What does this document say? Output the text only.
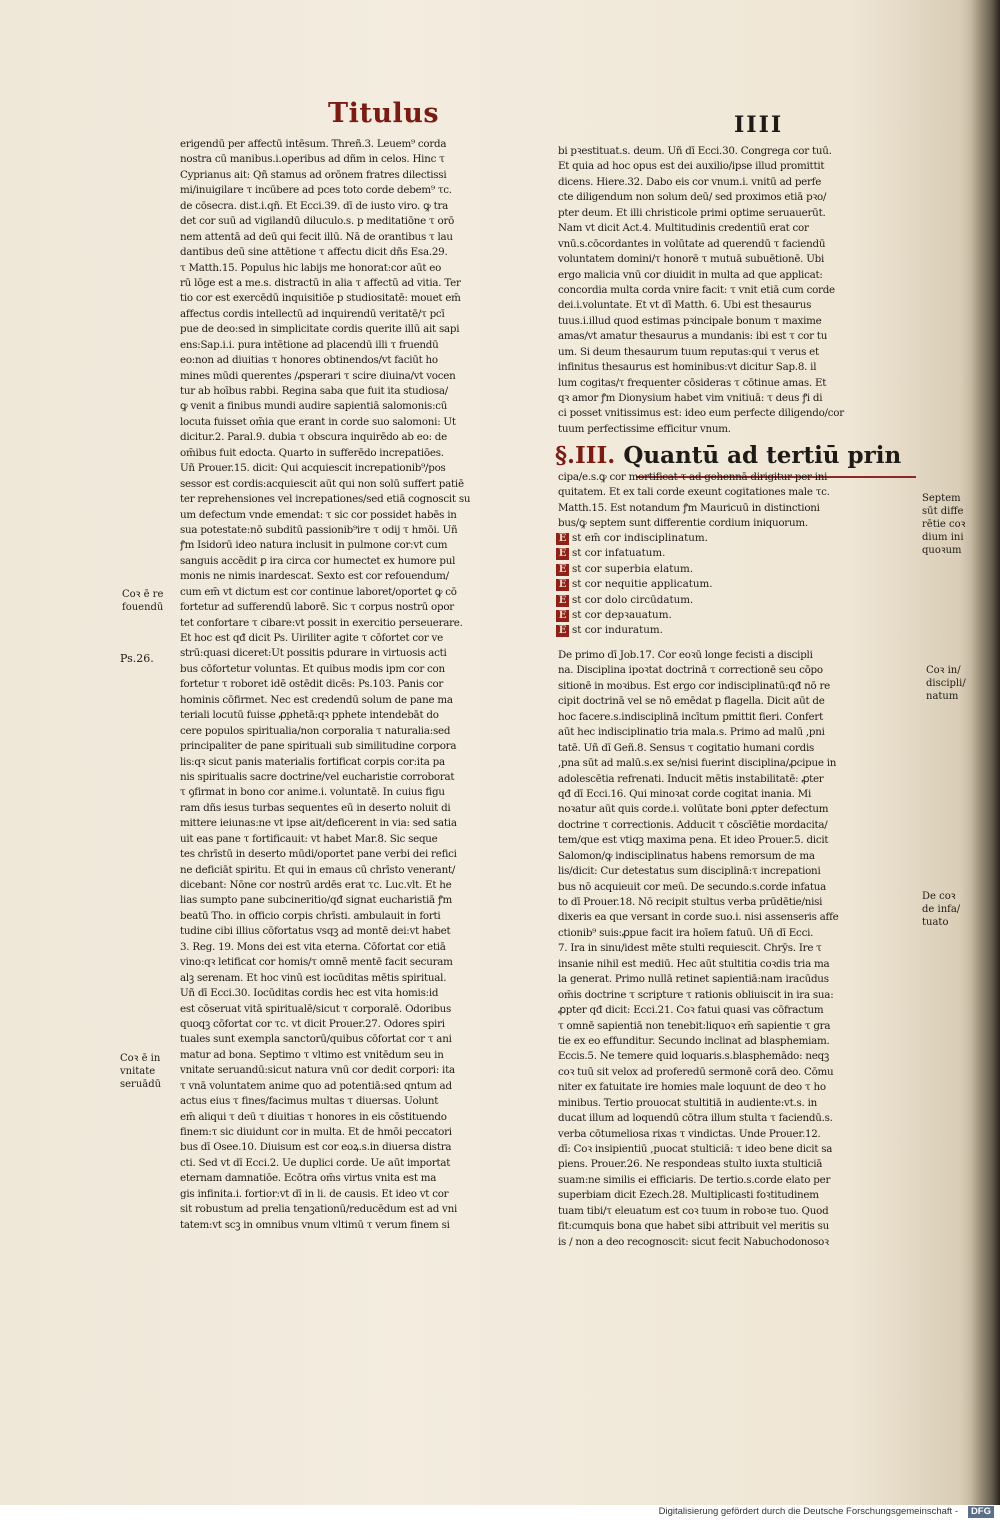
Titulus	IIII
erigendū per affectū intēsum. Threñ.3. Leuem⁹ corda
nostra cū manibus.i.operibus ad dñm in celos. Hinc τ
Cyprianus ait: Qñ stamus ad orōnem fratres dilectissi
mi/inuigilare τ incūbere ad pces toto corde debem⁹ τc.
de cōsecra. dist.i.qñ. Et Ecci.39. dī de iusto viro. ꝙ tra
det cor suū ad vigilandū diluculo.s. p meditatiōne τ orō
nem attentā ad deū qui fecit illū. Nā de orantibus τ lau
dantibus deū sine attētione τ affectu dicit dñs Esa.29.
τ Matth.15. Populus hic labijs me honorat:cor aūt eo
rū lōge est a me.s. distractū in alia τ affectū ad vitia. Ter
tio cor est exercēdū inquisitiōe p studiositatē: mouet em̄
affectus cordis intellectū ad inquirendū veritatē/τ pcī
pue de deo:sed in simplicitate cordis querite illū ait sapi
ens:Sap.i.i. pura intētione ad placendū illi τ fruendū
eo:non ad diuitias τ honores obtinendos/vt faciūt ho
mines mūdi querentes /ꝓsperari τ scire diuina/vt vocen
tur ab hoībus rabbi. Regina saba que fuit ita studiosa/
ꝙ venit a finibus mundi audire sapientiā salomonis:cū
locuta fuisset om̄ia que erant in corde suo salomoni: Ut
dicitur.2. Paral.9. dubia τ obscura inquirēdo ab eo: de
om̄ibus fuit edocta. Quarto in sufferēdo increpatiōes.
Uñ Prouer.15. dicit: Qui acquiescit increpationib⁹/pos
sessor est cordis:acquiescit aūt qui non solū suffert patiē
ter reprehensiones vel increpationes/sed etiā cognoscit su
um defectum vnde emendat: τ sic cor possidet habēs in
sua potestate:nō subditū passionib⁹ire τ odij τ hmōi. Uñ
ꝭm Isidorū ideo natura inclusit in pulmone cor:vt cum
sanguis accēdit ꝑ ira circa cor humectet ex humore pul
monis ne nimis inardescat. Sexto est cor refouendum/
cum em̄ vt dictum est cor continue laboret/oportet ꝙ cō
fortetur ad sufferendū laborē. Sic τ corpus nostrū opor
tet confortare τ cibare:vt possit in exercitio perseuerare.
Et hoc est qđ dicit Ps. Uiriliter agite τ cōfortet cor ve
strū:quasi diceret:Ut possitis pdurare in virtuosis acti
bus cōfortetur voluntas. Et quibus modis ipm cor con
fortetur τ roboret idē ostēdit dicēs: Ps.103. Panis cor
hominis cōfirmet. Nec est credendū solum de pane ma
teriali locutū fuisse ꝓphetā:qꝛ pphete intendebāt do
cere populos spiritualia/non corporalia τ naturalia:sed
principaliter de pane spirituali sub similitudine corpora
lis:qꝛ sicut panis materialis fortificat corpis cor:ita pa
nis spiritualis sacre doctrine/vel eucharistie corroborat
τ ꝯfirmat in bono cor anime.i. voluntatē. In cuius figu
ram dñs iesus turbas sequentes eū in deserto noluit di
mittere ieiunas:ne vt ipse ait/deficerent in via: sed satia
uit eas pane τ fortificauit: vt habet Mar.8. Sic seque
tes chrīstū in deserto mūdi/oportet pane verbi dei refici
ne deficiāt spiritu. Et qui in emaus cū chrīsto venerant/
dicebant: Nōne cor nostrū ardēs erat τc. Luc.vlt. Et he
lias sumpto pane subcineritio/qđ signat eucharistiā ꝭm
beatū Tho. in officio corpis chrīsti. ambulauit in forti
tudine cibi illius cōfortatus vsqꝫ ad montē dei:vt habet
3. Reg. 19. Mons dei est vita eterna. Cōfortat cor etiā
vino:qꝛ letificat cor homis/τ omnē mentē facit securam
alꝫ serenam. Et hoc vinū est iocūditas mētis spiritual.
Uñ dī Ecci.30. Iocūditas cordis hec est vita homis:id
est cōseruat vitā spiritualē/sicut τ corporalē. Odoribus
quoqꝫ cōfortat cor τc. vt dicit Prouer.27. Odores spiri
tuales sunt exempla sanctorū/quibus cōfortat cor τ ani
matur ad bona. Septimo τ vltimo est vnitēdum seu in
vnitate seruandū:sicut natura vnū cor dedit corpori: ita
τ vnā voluntatem anime quo ad potentiā:sed qntum ad
actus eius τ fines/facimus multas τ diuersas. Uolunt
em̄ aliqui τ deū τ diuitias τ honores in eis cōstituendo
finem:τ sic diuidunt cor in multa. Et de hmōi peccatori
bus dī Osee.10. Diuisum est cor eoꝝ.s.in diuersa distra
cti. Sed vt dī Ecci.2. Ue duplici corde. Ue aūt importat
eternam damnatiōe. Ecōtra om̄s virtus vnita est ma
gis infinita.i. fortior:vt dī in li. de causis. Et ideo vt cor
sit robustum ad prelia tenꝫationū/reducēdum est ad vni
tatem:vt scꝫ in omnibus vnum vltimū τ verum finem si
bi pꝛestituat.s. deum. Uñ dī Ecci.30. Congrega cor tuū.
Et quia ad hoc opus est dei auxilio/ipse illud promittit
dicens. Hiere.32. Dabo eis cor vnum.i. vnitū ad perfe
cte diligendum non solum deū/ sed proximos etiā pꝛo/
pter deum. Et illi christicole primi optime seruauerūt.
Nam vt dicit Act.4. Multitudinis credentiū erat cor
vnū.s.cōcordantes in volūtate ad querendū τ faciendū
voluntatem domini/τ honorē τ mutuā subuētionē. Ubi
ergo malicia vnū cor diuidit in multa ad que applicat:
concordia multa corda vnire facit: τ vnit etiā cum corde
dei.i.voluntate. Et vt dī Matth. 6. Ubi est thesaurus
tuus.i.illud quod estimas pꝛincipale bonum τ maxime
amas/vt amatur thesaurus a mundanis: ibi est τ cor tu
um. Si deum thesaurum tuum reputas:qui τ verus et
infinitus thesaurus est hominibus:vt dicitur Sap.8. il
lum cogitas/τ frequenter cōsideras τ cōtinue amas. Et
qꝛ amor ꝭm Dionysium habet vim vnitiuā: τ deus ꝭi di
ci posset vnitissimus est: ideo eum perfecte diligendo/cor
tuum perfectissime efficitur vnum.
§.III. Quantū ad tertiū prin
cipa/e.s.ꝙ cor mortificat τ ad gehennā dirigitur per ini
quitatem. Et ex tali corde exeunt cogitationes male τc.
Matth.15. Est notandum ꝭm Mauricuū in distinctioni
bus/ꝙ septem sunt differentie cordium iniquorum.
E st em̄ cor indisciplinatum.
E st cor infatuatum.
E st cor superbia elatum.
E st cor nequitie applicatum.
E st cor dolo circūdatum.
E st cor depꝛauatum.
E st cor induratum.
De primo dī Job.17. Cor eoꝛū longe fecisti a discipli
na. Disciplina ipoꝛtat doctrinā τ correctionē seu cōpo
sitionē in moꝛibus. Est ergo cor indisciplinatū:qđ nō re
cipit doctrinā vel se nō emēdat p flagella. Dicit aūt de
hoc facere.s.indisciplinā incītum pmittit fieri. Confert
aūt hec indisciplinatio tria mala.s. Primo ad malū ,pni
tatē. Uñ dī Geñ.8. Sensus τ cogitatio humani cordis
,pna sūt ad malū.s.ex se/nisi fuerint disciplina/ꝓcipue in
adolescētia refrenati. Inducit mētis instabilitatē: ꝓter
qđ dī Ecci.16. Qui minoꝛat corde cogitat inania. Mi
noꝛatur aūt quis corde.i. volūtate boni ꝓpter defectum
doctrine τ correctionis. Adducit τ cōscīētie mordacita/
tem/que est vtiqꝫ maxima pena. Et ideo Prouer.5. dicit
Salomon/ꝙ indisciplinatus habens remorsum de ma
lis/dicit: Cur detestatus sum disciplinā:τ increpationi
bus nō acquieuit cor meū. De secundo.s.corde infatua
to dī Prouer.18. Nō recipit stultus verba prūdētie/nisi
dixeris ea que versant in corde suo.i. nisi assenseris affe
ctionib⁹ suis:ꝓpue facit ira hoīem fatuū. Uñ dī Ecci.
7. Ira in sinu/idest mēte stulti requiescit. Chrȳs. Ire τ
insanie nihil est mediū. Hec aūt stultitia coꝛdis tria ma
la generat. Primo nullā retinet sapientiā:nam iracūdus
om̄is doctrine τ scripture τ rationis obliuiscit in ira sua:
ꝓpter qđ dicit: Ecci.21. Coꝛ fatui quasi vas cōfractum
τ omnē sapientiā non tenebit:liquoꝛ em̄ sapientie τ gra
tie ex eo effunditur. Secundo inclinat ad blasphemiam.
Eccis.5. Ne temere quid loquaris.s.blasphemādo: neqꝫ
coꝛ tuū sit velox ad proferedū sermonē corā deo. Cōmu
niter ex fatuitate ire homies male loquunt de deo τ ho
minibus. Tertio prouocat stultitiā in audiente:vt.s. in
ducat illum ad loquendū cōtra illum stulta τ faciendū.s.
verba cōtumeliosa rixas τ vindictas. Unde Prouer.12.
dī: Coꝛ insipientiū ,puocat stulticiā: τ ideo bene dicit sa
piens. Prouer.26. Ne respondeas stulto iuxta stulticiā
suam:ne similis ei efficiaris. De tertio.s.corde elato per
superbiam dicit Ezech.28. Multiplicasti foꝛtitudinem
tuam tibi/τ eleuatum est coꝛ tuum in roboꝛe tuo. Quod
fit:cumquis bona que habet sibi attribuit vel meritis su
is / non a deo recognoscit: sicut fecit Nabuchodonosoꝛ
Coꝛ ē re
fouendū
Ps.26.
Coꝛ ē in
vnitate
seruādū
Septem
sūt diffe
rētie coꝛ
dium ini
quoꝛum
Coꝛ in/
discipli/
natum
De coꝛ
de infa/
tuato
Digitalisierung gefördert durch die Deutsche Forschungsgemeinschaft -	DFG
